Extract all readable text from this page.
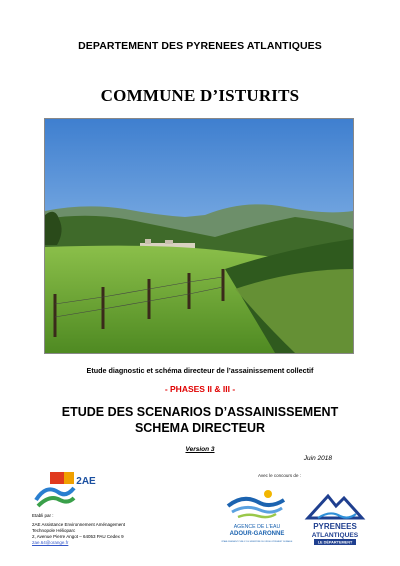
DEPARTEMENT DES PYRENEES ATLANTIQUES
COMMUNE D’ISTURITS
Etude diagnostic et schéma directeur de l’assainissement collectif
- PHASES II & III -
ETUDE DES SCENARIOS D’ASSAINISSEMENT
SCHEMA DIRECTEUR
Version 3
Juin 2018
Avec le concours de :
AGENCE DE L'EAU
ADOUR-GARONNE
ÉTABLISSEMENT PUBLIC DU MINISTÈRE DU DÉVELOPPEMENT DURABLE
PYRENEES
ATLANTIQUES
LE DÉPARTEMENT
2AE
Etabli par :
2AE Assistance Environnement Aménagement
Technopole Hélioparc
2, Avenue Pierre Angot – 64053 PAU Cedex 9
2ae.64@orange.fr
